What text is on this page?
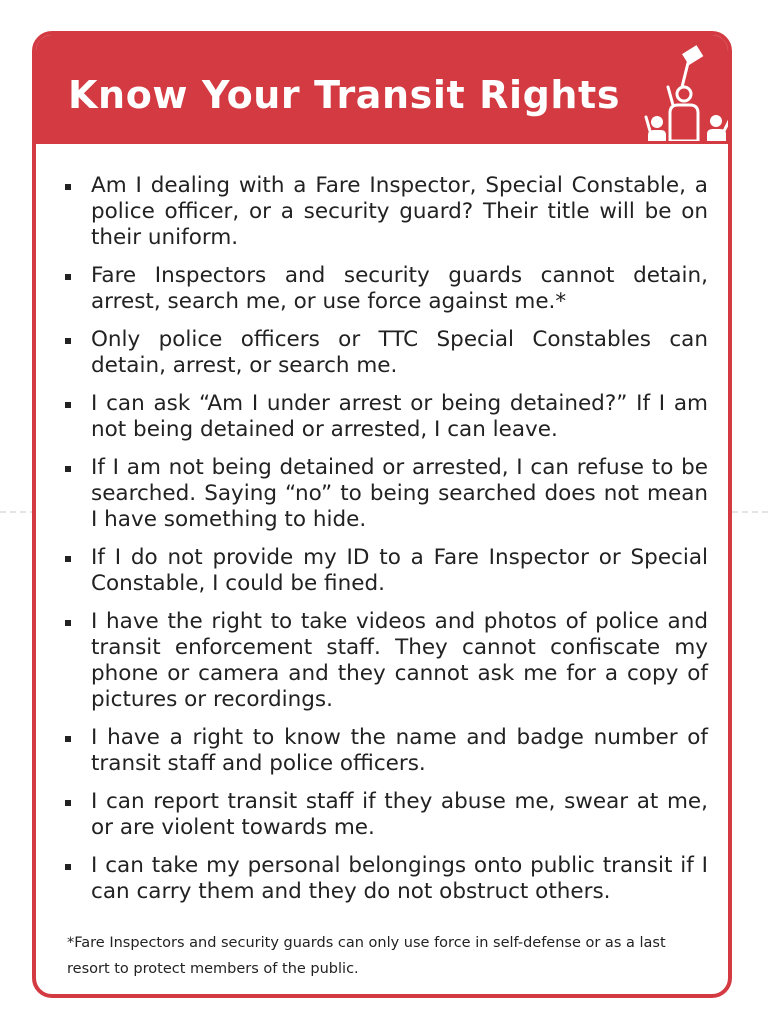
Know Your Transit Rights
Am I dealing with a Fare Inspector, Special Constable, a police officer, or a security guard? Their title will be on their uniform.
Fare Inspectors and security guards cannot detain, arrest, search me, or use force against me.*
Only police officers or TTC Special Constables can detain, arrest, or search me.
I can ask “Am I under arrest or being detained?” If I am not being detained or arrested, I can leave.
If I am not being detained or arrested, I can refuse to be searched. Saying “no” to being searched does not mean I have something to hide.
If I do not provide my ID to a Fare Inspector or Special Constable, I could be fined.
I have the right to take videos and photos of police and transit enforcement staff. They cannot confiscate my phone or camera and they cannot ask me for a copy of pictures or recordings.
I have a right to know the name and badge number of transit staff and police officers.
I can report transit staff if they abuse me, swear at me, or are violent towards me.
I can take my personal belongings onto public transit if I can carry them and they do not obstruct others.

*Fare Inspectors and security guards can only use force in self-defense or as a last resort to protect members of the public.
